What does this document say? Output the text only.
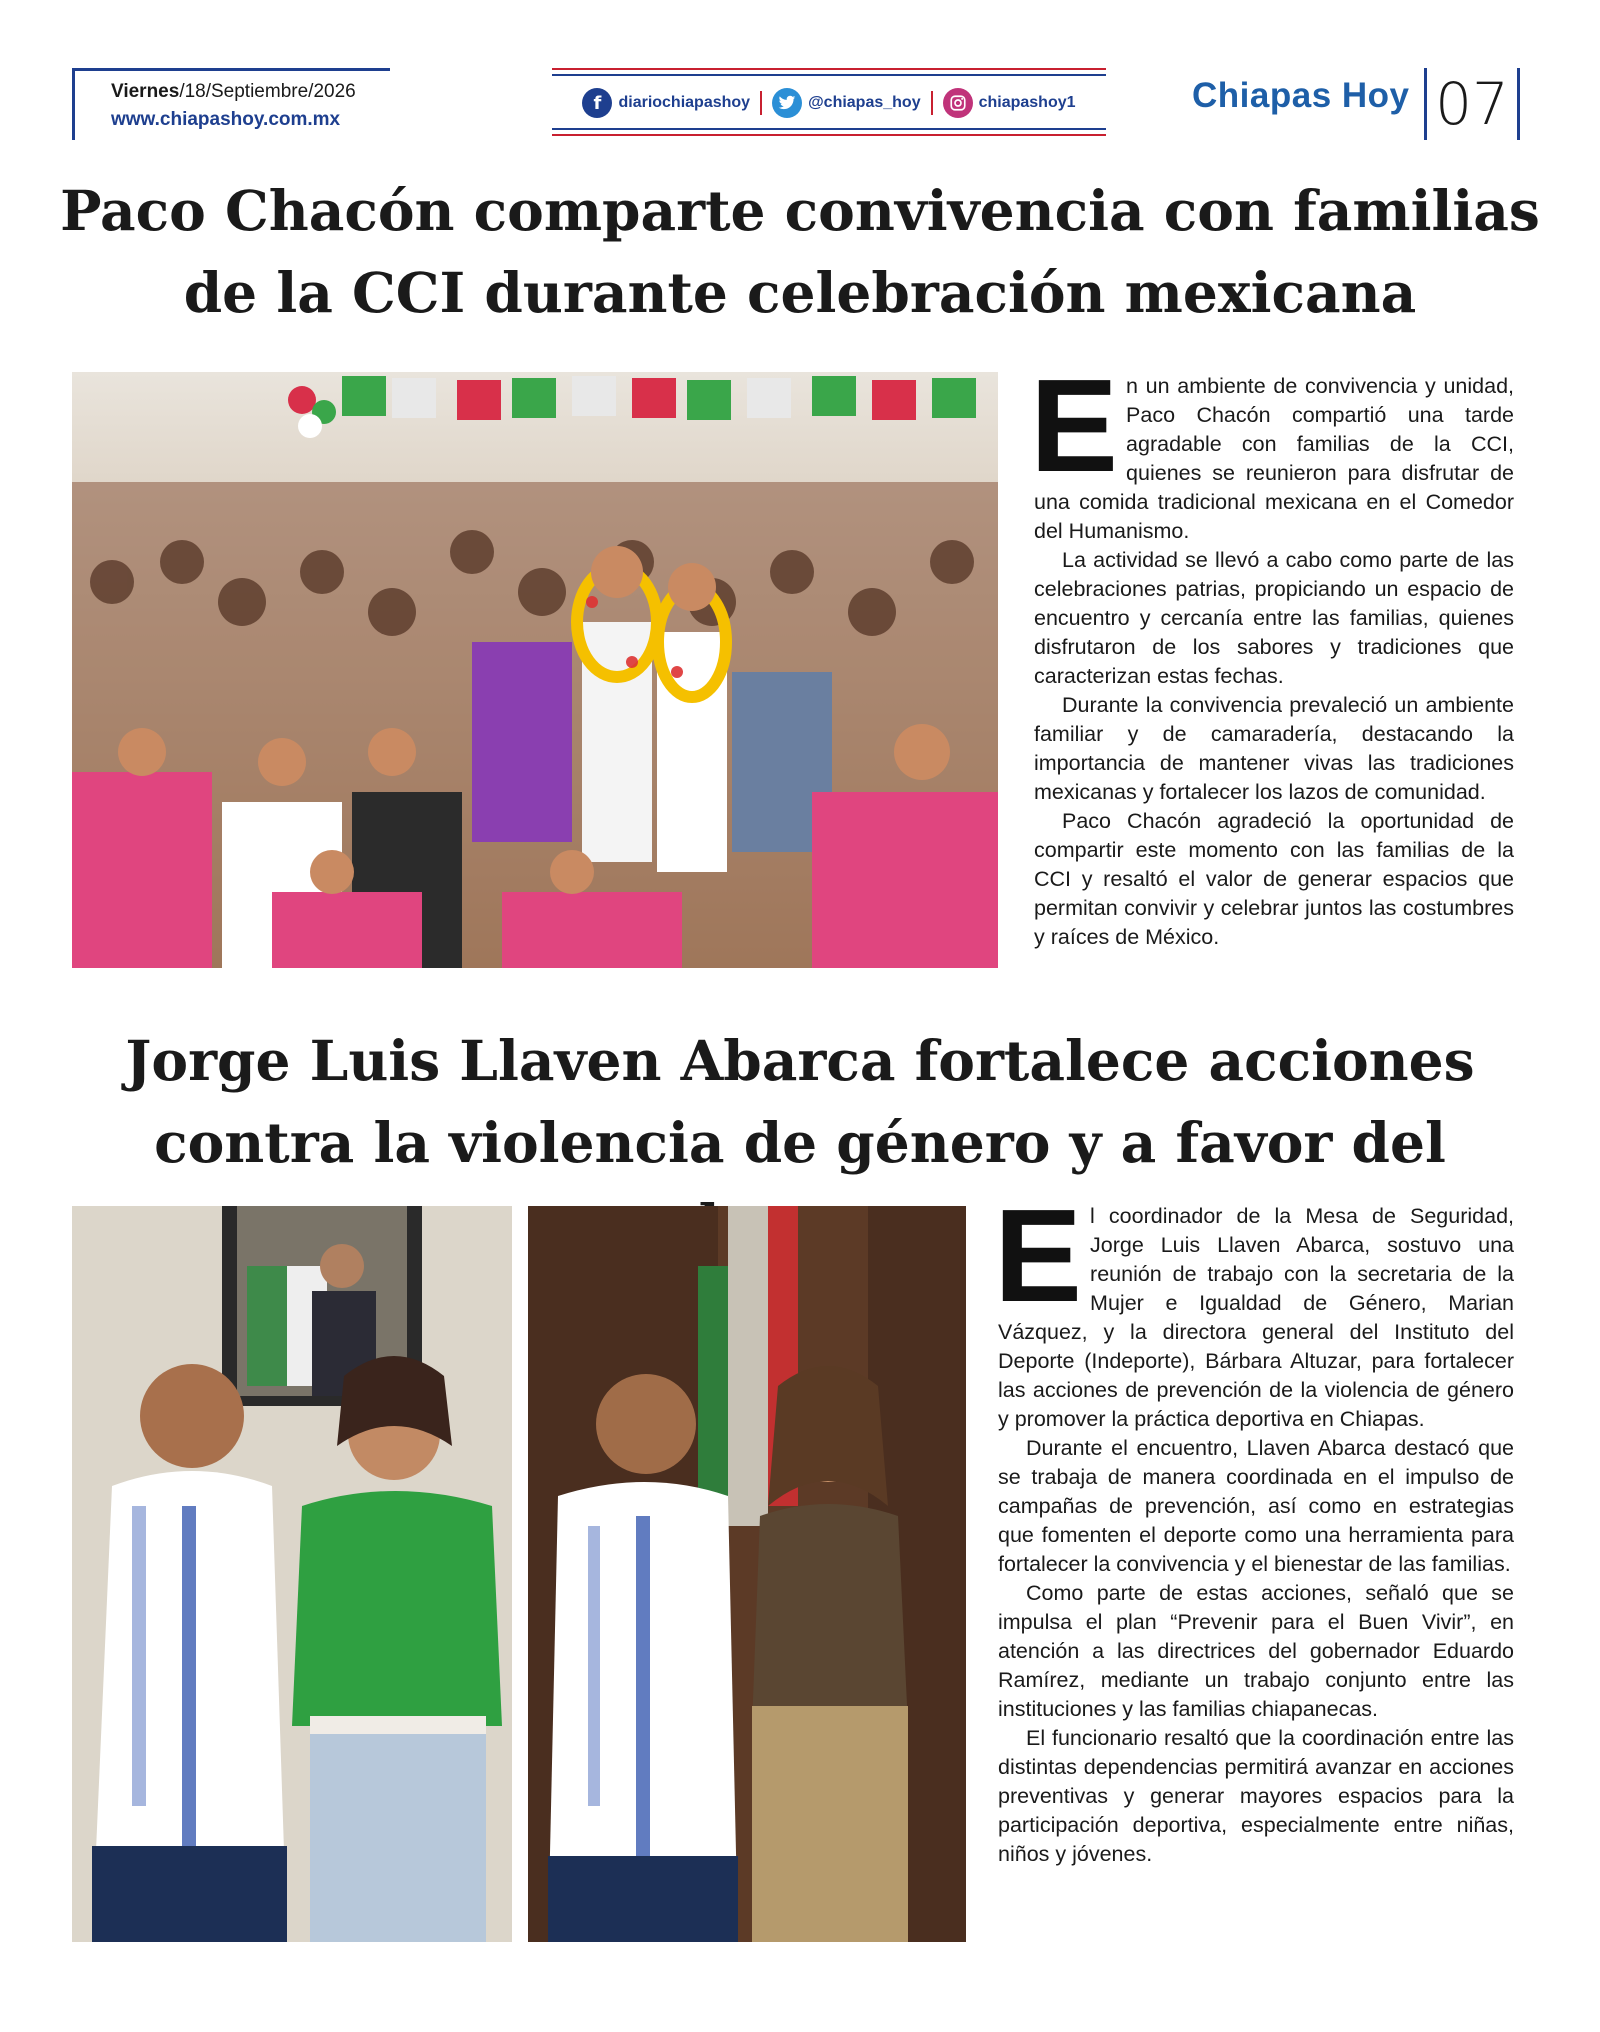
Viernes/18/Septiembre/2026
www.chiapashoy.com.mx
f	diariochiapashoy	@chiapas_hoy	chiapashoy1	Chiapas Hoy 07
Paco Chacón comparte convivencia con familias de la CCI durante celebración mexicana

En un ambiente de convivencia y unidad, Paco Chacón compartió una tarde agradable con familias de la CCI, quienes se reunieron para disfrutar de una comida tradicional mexicana en el Comedor del Humanismo.

La actividad se llevó a cabo como parte de las celebraciones patrias, propiciando un espacio de encuentro y cercanía entre las familias, quienes disfrutaron de los sabores y tradiciones que caracterizan estas fechas.

Durante la convivencia prevaleció un ambiente familiar y de camaradería, destacando la importancia de mantener vivas las tradiciones mexicanas y fortalecer los lazos de comunidad.

Paco Chacón agradeció la oportunidad de compartir este momento con las familias de la CCI y resaltó el valor de generar espacios que permitan convivir y celebrar juntos las costumbres y raíces de México.

Jorge Luis Llaven Abarca fortalece acciones contra la violencia de género y a favor del

El coordinador de la Mesa de Seguridad, Jorge Luis Llaven Abarca, sostuvo una reunión de trabajo con la secretaria de la Mujer e Igualdad de Género, Marian Vázquez, y la directora general del Instituto del Deporte (Indeporte), Bárbara Altuzar, para fortalecer las acciones de prevención de la violencia de género y promover la práctica deportiva en Chiapas.

Durante el encuentro, Llaven Abarca destacó que se trabaja de manera coordinada en el impulso de campañas de prevención, así como en estrategias que fomenten el deporte como una herramienta para fortalecer la convivencia y el bienestar de las familias.

Como parte de estas acciones, señaló que se impulsa el plan “Prevenir para el Buen Vivir”, en atención a las directrices del gobernador Eduardo Ramírez, mediante un trabajo conjunto entre las instituciones y las familias chiapanecas.

El funcionario resaltó que la coordinación entre las distintas dependencias permitirá avanzar en acciones preventivas y generar mayores espacios para la participación deportiva, especialmente entre niñas, niños y jóvenes.
